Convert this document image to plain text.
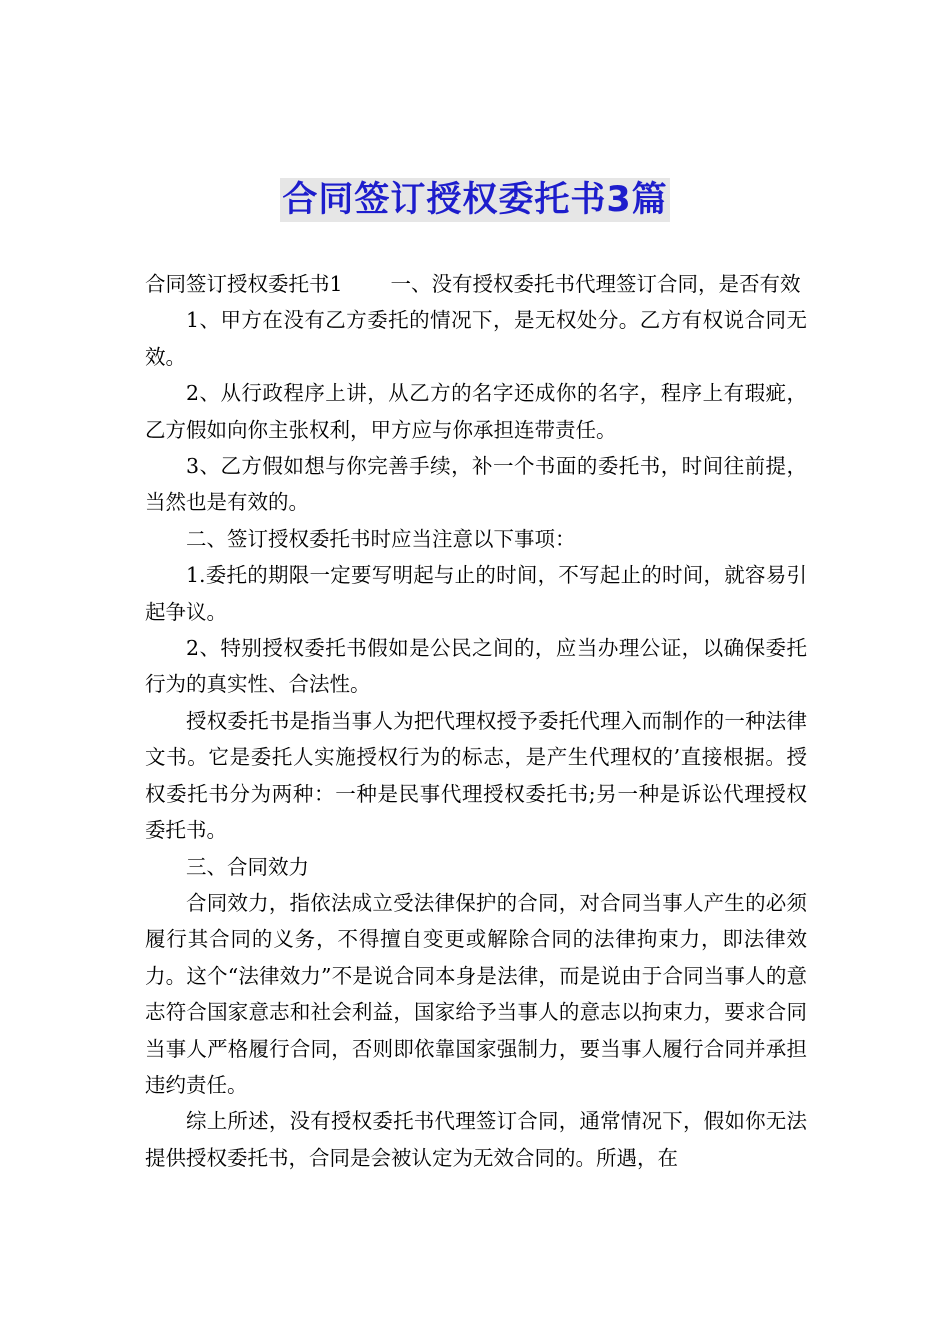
合同签订授权委托书3篇

合同签订授权委托书1 一、没有授权委托书代理签订合同，是否有效

1、甲方在没有乙方委托的情况下，是无权处分。乙方有权说合同无效。

2、从行政程序上讲，从乙方的名字还成你的名字，程序上有瑕疵，乙方假如向你主张权利，甲方应与你承担连带责任。

3、乙方假如想与你完善手续，补一个书面的委托书，时间往前提，当然也是有效的。

二、签订授权委托书时应当注意以下事项：

1.委托的期限一定要写明起与止的时间，不写起止的时间，就容易引起争议。

2、特别授权委托书假如是公民之间的，应当办理公证，以确保委托行为的真实性、合法性。

授权委托书是指当事人为把代理权授予委托代理入而制作的一种法律文书。它是委托人实施授权行为的标志，是产生代理权的’直接根据。授权委托书分为两种：一种是民事代理授权委托书;另一种是诉讼代理授权委托书。

三、合同效力

合同效力，指依法成立受法律保护的合同，对合同当事人产生的必须履行其合同的义务，不得擅自变更或解除合同的法律拘束力，即法律效力。这个“法律效力”不是说合同本身是法律，而是说由于合同当事人的意志符合国家意志和社会利益，国家给予当事人的意志以拘束力，要求合同当事人严格履行合同，否则即依靠国家强制力，要当事人履行合同并承担违约责任。

综上所述，没有授权委托书代理签订合同，通常情况下，假如你无法提供授权委托书，合同是会被认定为无效合同的。所遇，在
